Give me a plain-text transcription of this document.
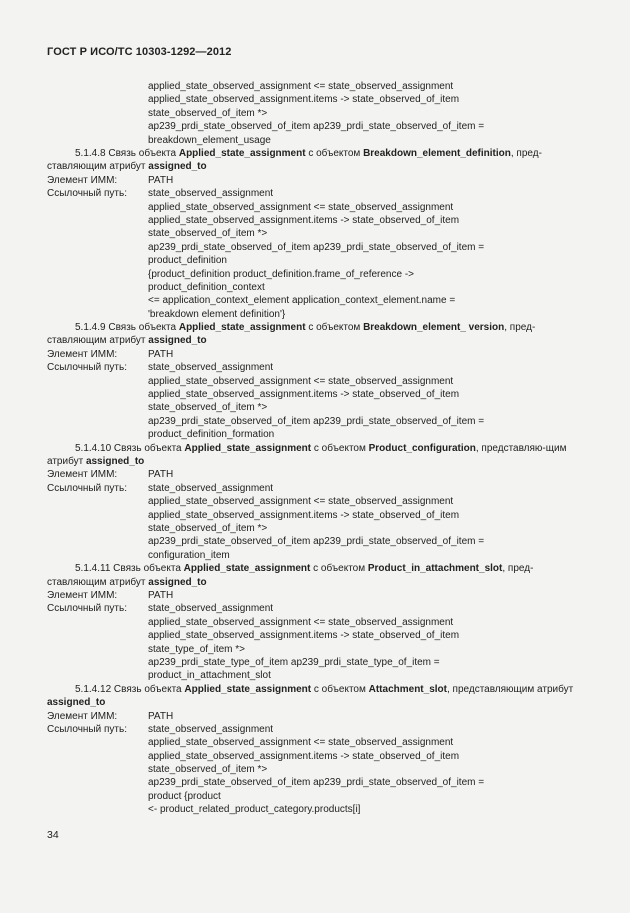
ГОСТ Р ИСО/ТС 10303-1292—2012
applied_state_observed_assignment <= state_observed_assignment
applied_state_observed_assignment.items -> state_observed_of_item
state_observed_of_item *>
ap239_prdi_state_observed_of_item ap239_prdi_state_observed_of_item =
breakdown_element_usage

5.1.4.8 Связь объекта Applied_state_assignment с объектом Breakdown_element_definition, пред-ставляющим атрибут assigned_to

Элемент ИММ:	PATH
Ссылочный путь: state_observed_assignment
applied_state_observed_assignment <= state_observed_assignment
applied_state_observed_assignment.items -> state_observed_of_item
state_observed_of_item *>
ap239_prdi_state_observed_of_item ap239_prdi_state_observed_of_item =
product_definition
{product_definition product_definition.frame_of_reference ->
product_definition_context
<= application_context_element application_context_element.name =
'breakdown element definition'}

5.1.4.9 Связь объекта Applied_state_assignment с объектом Breakdown_element_ version, пред-ставляющим атрибут assigned_to

Элемент ИММ:	PATH
Ссылочный путь: state_observed_assignment
applied_state_observed_assignment <= state_observed_assignment
applied_state_observed_assignment.items -> state_observed_of_item
state_observed_of_item *>
ap239_prdi_state_observed_of_item ap239_prdi_state_observed_of_item =
product_definition_formation

5.1.4.10 Связь объекта Applied_state_assignment с объектом Product_configuration, представляю-щим атрибут assigned_to

Элемент ИММ:	PATH
Ссылочный путь: state_observed_assignment
applied_state_observed_assignment <= state_observed_assignment
applied_state_observed_assignment.items -> state_observed_of_item
state_observed_of_item *>
ap239_prdi_state_observed_of_item ap239_prdi_state_observed_of_item =
configuration_item

5.1.4.11 Связь объекта Applied_state_assignment с объектом Product_in_attachment_slot, пред-ставляющим атрибут assigned_to

Элемент ИММ:	PATH
Ссылочный путь: state_observed_assignment
applied_state_observed_assignment <= state_observed_assignment
applied_state_observed_assignment.items -> state_observed_of_item
state_type_of_item *>
ap239_prdi_state_type_of_item ap239_prdi_state_type_of_item =
product_in_attachment_slot

5.1.4.12 Связь объекта Applied_state_assignment с объектом Attachment_slot, представляющим атрибут assigned_to

Элемент ИММ:	PATH
Ссылочный путь: state_observed_assignment
applied_state_observed_assignment <= state_observed_assignment
applied_state_observed_assignment.items -> state_observed_of_item
state_observed_of_item *>
ap239_prdi_state_observed_of_item ap239_prdi_state_observed_of_item =
product {product
<- product_related_product_category.products[i]
34
